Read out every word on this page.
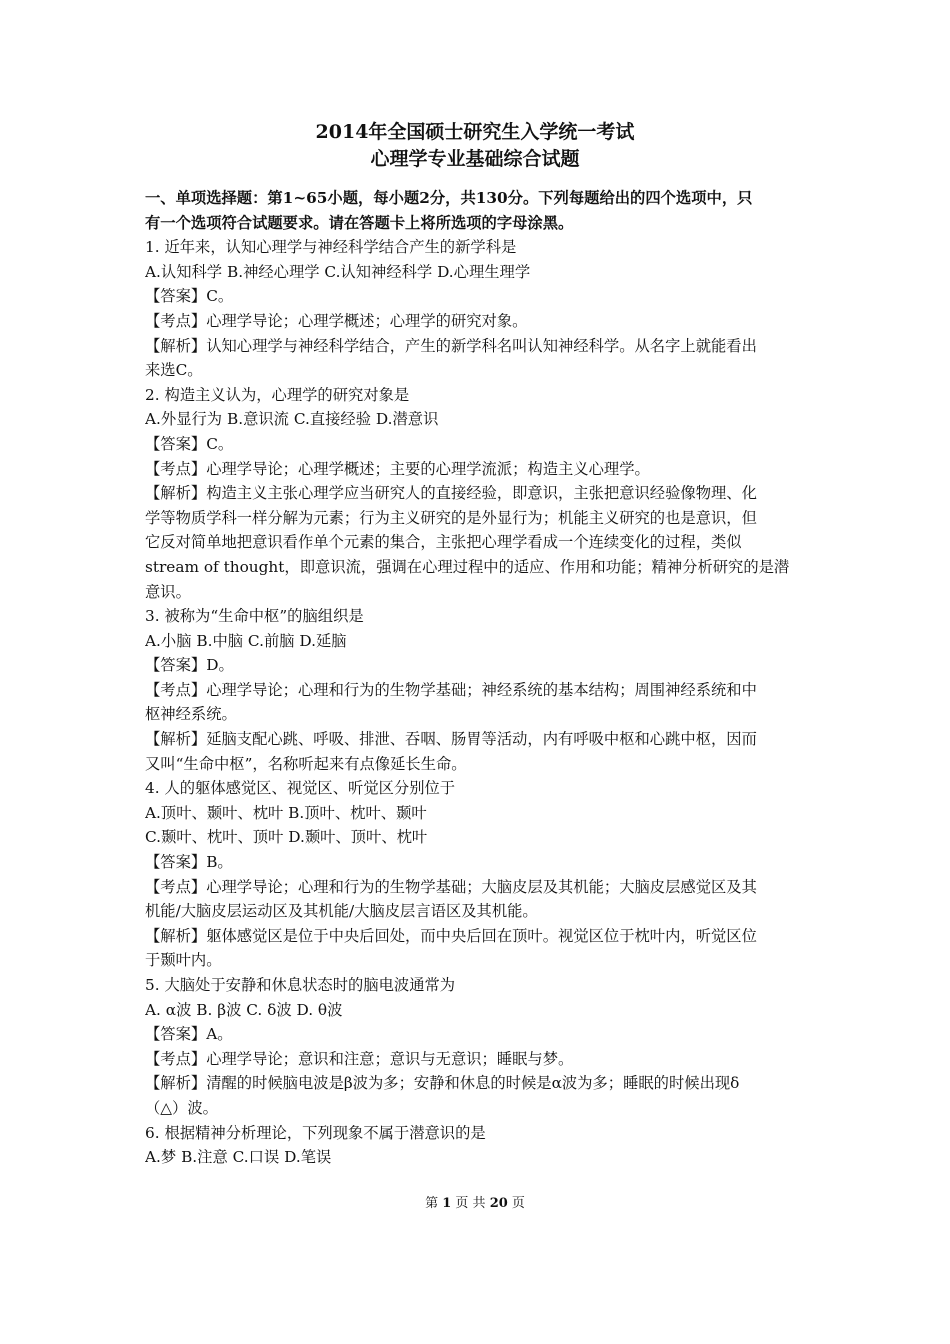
2014年全国硕士研究生入学统一考试
心理学专业基础综合试题

一、单项选择题：第1~65小题，每小题2分，共130分。下列每题给出的四个选项中，只

有一个选项符合试题要求。请在答题卡上将所选项的字母涂黑。

1. 近年来，认知心理学与神经科学结合产生的新学科是

A.认知科学 B.神经心理学 C.认知神经科学 D.心理生理学

【答案】C。

【考点】心理学导论；心理学概述；心理学的研究对象。

【解析】认知心理学与神经科学结合，产生的新学科名叫认知神经科学。从名字上就能看出

来选C。

2. 构造主义认为，心理学的研究对象是

A.外显行为 B.意识流 C.直接经验 D.潜意识

【答案】C。

【考点】心理学导论；心理学概述；主要的心理学流派；构造主义心理学。

【解析】构造主义主张心理学应当研究人的直接经验，即意识，主张把意识经验像物理、化

学等物质学科一样分解为元素；行为主义研究的是外显行为；机能主义研究的也是意识，但

它反对简单地把意识看作单个元素的集合，主张把心理学看成一个连续变化的过程，类似

stream of thought，即意识流，强调在心理过程中的适应、作用和功能；精神分析研究的是潜

意识。

3. 被称为“生命中枢”的脑组织是

A.小脑 B.中脑 C.前脑 D.延脑

【答案】D。

【考点】心理学导论；心理和行为的生物学基础；神经系统的基本结构；周围神经系统和中

枢神经系统。

【解析】延脑支配心跳、呼吸、排泄、吞咽、肠胃等活动，内有呼吸中枢和心跳中枢，因而

又叫“生命中枢”，名称听起来有点像延长生命。

4. 人的躯体感觉区、视觉区、听觉区分别位于

A.顶叶、颞叶、枕叶 B.顶叶、枕叶、颞叶

C.颞叶、枕叶、顶叶 D.颞叶、顶叶、枕叶

【答案】B。

【考点】心理学导论；心理和行为的生物学基础；大脑皮层及其机能；大脑皮层感觉区及其

机能/大脑皮层运动区及其机能/大脑皮层言语区及其机能。

【解析】躯体感觉区是位于中央后回处，而中央后回在顶叶。视觉区位于枕叶内，听觉区位

于颞叶内。

5. 大脑处于安静和休息状态时的脑电波通常为

A. α波 B. β波 C. δ波 D. θ波

【答案】A。

【考点】心理学导论；意识和注意；意识与无意识；睡眠与梦。

【解析】清醒的时候脑电波是β波为多；安静和休息的时候是α波为多；睡眠的时候出现δ

（△）波。

6. 根据精神分析理论，下列现象不属于潜意识的是

A.梦 B.注意 C.口误 D.笔误

第 1 页 共 20 页
